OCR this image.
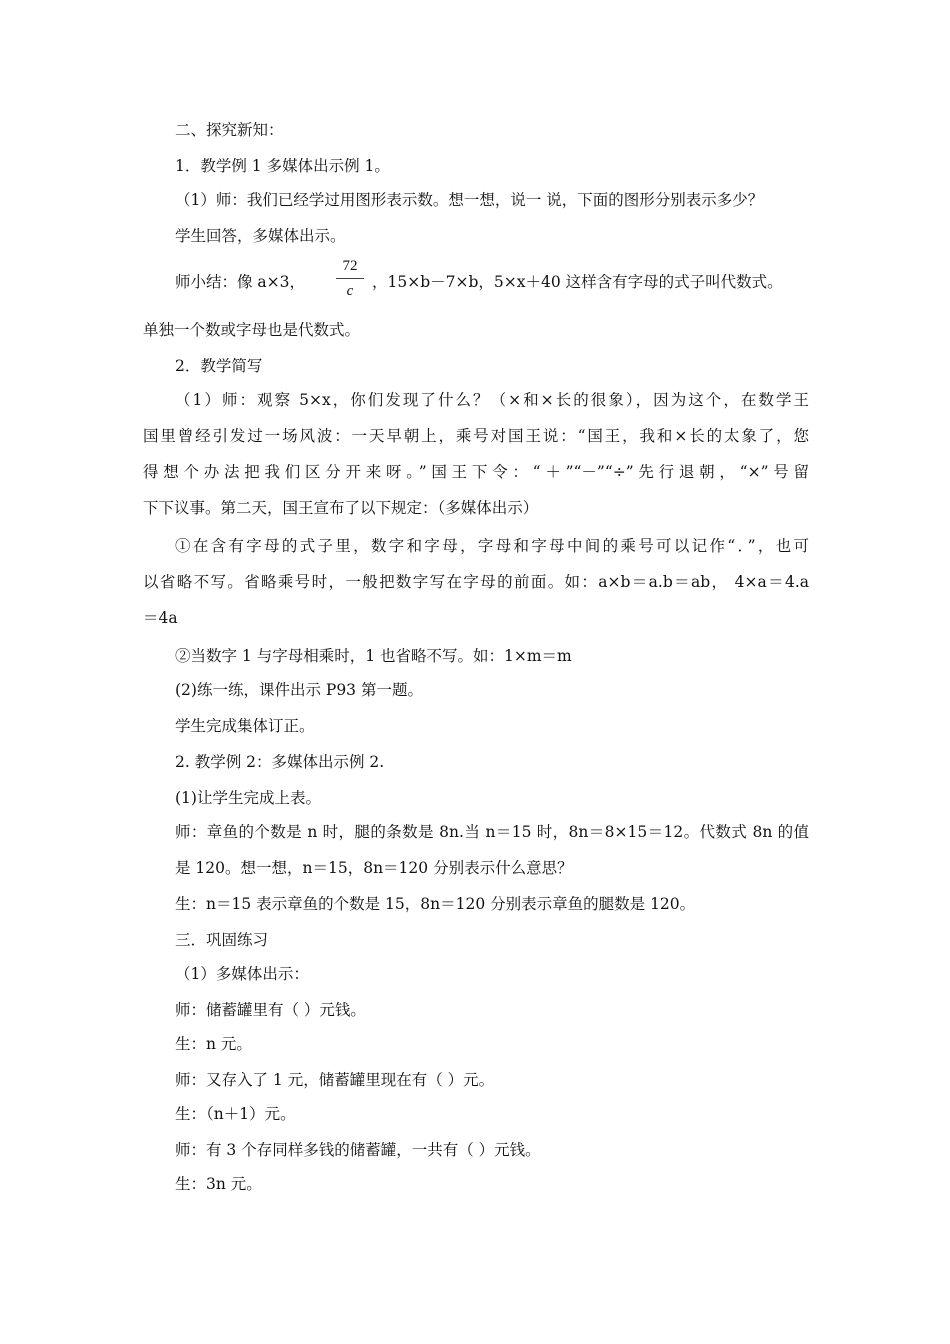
二、探究新知：
1．教学例 1 多媒体出示例 1。
（1）师：我们已经学过用图形表示数。想一想，说一 说，下面的图形分别表示多少？
学生回答，多媒体出示。
师小结：像 a×3，
72
c	，15×b－7×b，5×x＋40 这样含有字母的式子叫代数式。
单独一个数或字母也是代数式。
2．教学简写
（1）师：观察 5×x，你们发现了什么？（×和×长的很象），因为这个，在数学王
国里曾经引发过一场风波：一天早朝上，乘号对国王说：“国王，我和×长的太象了，您
得想个办法把我们区分开来呀。”国王下令：“＋”“－”“÷”先行退朝，“×”号留
下下议事。第二天，国王宣布了以下规定：（多媒体出示）
①在含有字母的式子里，数字和字母，字母和字母中间的乘号可以记作“．”，也可
以省略不写。省略乘号时，一般把数字写在字母的前面。如：a×b＝a.b＝ab， 4×a＝4.a
＝4a
②当数字 1 与字母相乘时，1 也省略不写。如：1×m＝m
(2)练一练，课件出示 P93 第一题。
学生完成集体订正。
2. 教学例 2：多媒体出示例 2.
(1)让学生完成上表。
师：章鱼的个数是 n 时，腿的条数是 8n.当 n＝15 时，8n＝8×15＝12。代数式 8n 的值
是 120。想一想，n＝15，8n＝120 分别表示什么意思？
生：n＝15 表示章鱼的个数是 15，8n＝120 分别表示章鱼的腿数是 120。
三．巩固练习
（1）多媒体出示：
师：储蓄罐里有（ ）元钱。
生：n 元。
师：又存入了 1 元，储蓄罐里现在有（ ）元。
生：（n＋1）元。
师：有 3 个存同样多钱的储蓄罐，一共有（ ）元钱。
生：3n 元。
